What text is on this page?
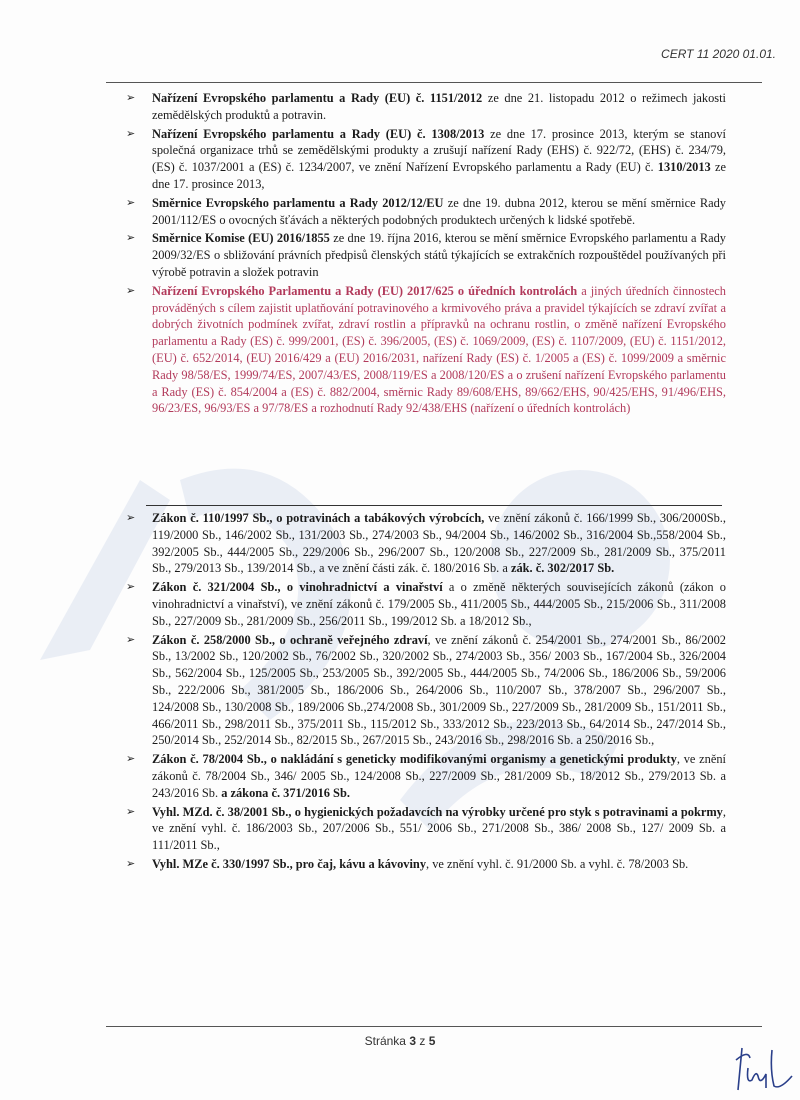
CERT 11 2020 01.01.
➢ Nařízení Evropského parlamentu a Rady (EU) č. 1151/2012 ze dne 21. listopadu 2012 o režimech jakosti zemědělských produktů a potravin.
➢ Nařízení Evropského parlamentu a Rady (EU) č. 1308/2013 ze dne 17. prosince 2013, kterým se stanoví společná organizace trhů se zemědělskými produkty a zrušují nařízení Rady (EHS) č. 922/72, (EHS) č. 234/79, (ES) č. 1037/2001 a (ES) č. 1234/2007, ve znění Nařízení Evropského parlamentu a Rady (EU) č. 1310/2013 ze dne 17. prosince 2013,
➢ Směrnice Evropského parlamentu a Rady 2012/12/EU ze dne 19. dubna 2012, kterou se mění směrnice Rady 2001/112/ES o ovocných šťávách a některých podobných produktech určených k lidské spotřebě.
➢ Směrnice Komise (EU) 2016/1855 ze dne 19. října 2016, kterou se mění směrnice Evropského parlamentu a Rady 2009/32/ES o sbližování právních předpisů členských států týkajících se extrakčních rozpouštědel používaných při výrobě potravin a složek potravin
➢ Nařízení Evropského Parlamentu a Rady (EU) 2017/625 o úředních kontrolách a jiných úředních činnostech prováděných s cílem zajistit uplatňování potravinového a krmivového práva a pravidel týkajících se zdraví zvířat a dobrých životních podmínek zvířat, zdraví rostlin a přípravků na ochranu rostlin, o změně nařízení Evropského parlamentu a Rady (ES) č. 999/2001, (ES) č. 396/2005, (ES) č. 1069/2009, (ES) č. 1107/2009, (EU) č. 1151/2012, (EU) č. 652/2014, (EU) 2016/429 a (EU) 2016/2031, nařízení Rady (ES) č. 1/2005 a (ES) č. 1099/2009 a směrnic Rady 98/58/ES, 1999/74/ES, 2007/43/ES, 2008/119/ES a 2008/120/ES a o zrušení nařízení Evropského parlamentu a Rady (ES) č. 854/2004 a (ES) č. 882/2004, směrnic Rady 89/608/EHS, 89/662/EHS, 90/425/EHS, 91/496/EHS, 96/23/ES, 96/93/ES a 97/78/ES a rozhodnutí Rady 92/438/EHS (nařízení o úředních kontrolách)
➢ Zákon č. 110/1997 Sb., o potravinách a tabákových výrobcích, ve znění zákonů č. 166/1999 Sb., 306/2000Sb., 119/2000 Sb., 146/2002 Sb., 131/2003 Sb., 274/2003 Sb., 94/2004 Sb., 146/2002 Sb., 316/2004 Sb.,558/2004 Sb., 392/2005 Sb., 444/2005 Sb., 229/2006 Sb., 296/2007 Sb., 120/2008 Sb., 227/2009 Sb., 281/2009 Sb., 375/2011 Sb., 279/2013 Sb., 139/2014 Sb., a ve znění části zák. č. 180/2016 Sb. a zák. č. 302/2017 Sb.
➢ Zákon č. 321/2004 Sb., o vinohradnictví a vinařství a o změně některých souvisejících zákonů (zákon o vinohradnictví a vinařství), ve znění zákonů č. 179/2005 Sb., 411/2005 Sb., 444/2005 Sb., 215/2006 Sb., 311/2008 Sb., 227/2009 Sb., 281/2009 Sb., 256/2011 Sb., 199/2012 Sb. a 18/2012 Sb.,
➢ Zákon č. 258/2000 Sb., o ochraně veřejného zdraví, ve znění zákonů č. 254/2001 Sb., 274/2001 Sb., 86/2002 Sb., 13/2002 Sb., 120/2002 Sb., 76/2002 Sb., 320/2002 Sb., 274/2003 Sb., 356/ 2003 Sb., 167/2004 Sb., 326/2004 Sb., 562/2004 Sb., 125/2005 Sb., 253/2005 Sb., 392/2005 Sb., 444/2005 Sb., 74/2006 Sb., 186/2006 Sb., 59/2006 Sb., 222/2006 Sb., 381/2005 Sb., 186/2006 Sb., 264/2006 Sb., 110/2007 Sb., 378/2007 Sb., 296/2007 Sb., 124/2008 Sb., 130/2008 Sb., 189/2006 Sb.,274/2008 Sb., 301/2009 Sb., 227/2009 Sb., 281/2009 Sb., 151/2011 Sb., 466/2011 Sb., 298/2011 Sb., 375/2011 Sb., 115/2012 Sb., 333/2012 Sb., 223/2013 Sb., 64/2014 Sb., 247/2014 Sb., 250/2014 Sb., 252/2014 Sb., 82/2015 Sb., 267/2015 Sb., 243/2016 Sb., 298/2016 Sb. a 250/2016 Sb.,
➢ Zákon č. 78/2004 Sb., o nakládání s geneticky modifikovanými organismy a genetickými produkty, ve znění zákonů č. 78/2004 Sb., 346/ 2005 Sb., 124/2008 Sb., 227/2009 Sb., 281/2009 Sb., 18/2012 Sb., 279/2013 Sb. a 243/2016 Sb. a zákona č. 371/2016 Sb.
➢ Vyhl. MZd. č. 38/2001 Sb., o hygienických požadavcích na výrobky určené pro styk s potravinami a pokrmy, ve znění vyhl. č. 186/2003 Sb., 207/2006 Sb., 551/ 2006 Sb., 271/2008 Sb., 386/ 2008 Sb., 127/ 2009 Sb. a 111/2011 Sb.,
➢ Vyhl. MZe č. 330/1997 Sb., pro čaj, kávu a kávoviny, ve znění vyhl. č. 91/2000 Sb. a vyhl. č. 78/2003 Sb.
Stránka 3 z 5
